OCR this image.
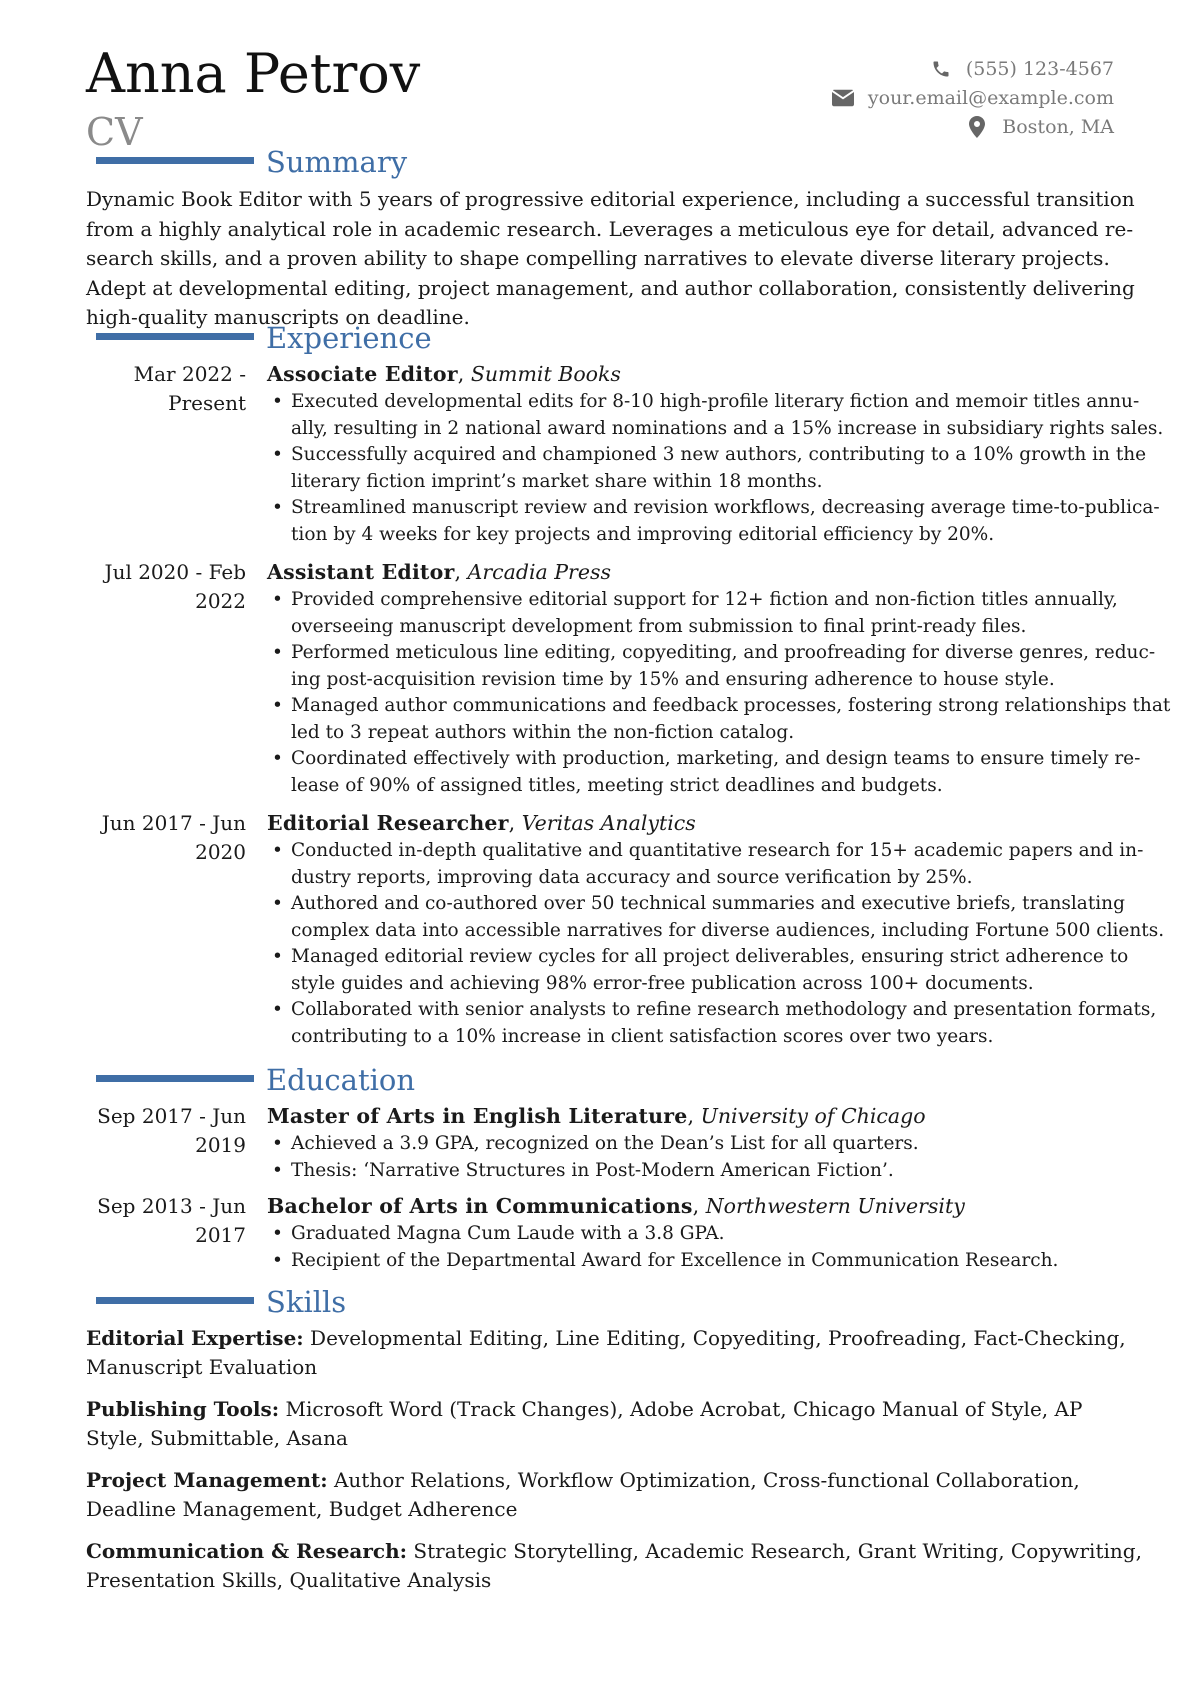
Anna Petrov
CV
(555) 123-4567
your.email@example.com
Boston, MA
Summary
Dynamic Book Editor with 5 years of progressive editorial experience, including a successful transition
from a highly analytical role in academic research. Leverages a meticulous eye for detail, advanced re-
search skills, and a proven ability to shape compelling narratives to elevate diverse literary projects.
Adept at developmental editing, project management, and author collaboration, consistently delivering
high-quality manuscripts on deadline.
Experience
Mar 2022 -
Present
Associate Editor, Summit Books
• Executed developmental edits for 8-10 high-profile literary fiction and memoir titles annu-
ally, resulting in 2 national award nominations and a 15% increase in subsidiary rights sales.
• Successfully acquired and championed 3 new authors, contributing to a 10% growth in the
literary fiction imprint’s market share within 18 months.
• Streamlined manuscript review and revision workflows, decreasing average time-to-publica-
tion by 4 weeks for key projects and improving editorial efficiency by 20%.
Jul 2020 - Feb
2022
Assistant Editor, Arcadia Press
• Provided comprehensive editorial support for 12+ fiction and non-fiction titles annually,
overseeing manuscript development from submission to final print-ready files.
• Performed meticulous line editing, copyediting, and proofreading for diverse genres, reduc-
ing post-acquisition revision time by 15% and ensuring adherence to house style.
• Managed author communications and feedback processes, fostering strong relationships that
led to 3 repeat authors within the non-fiction catalog.
• Coordinated effectively with production, marketing, and design teams to ensure timely re-
lease of 90% of assigned titles, meeting strict deadlines and budgets.
Jun 2017 - Jun
2020
Editorial Researcher, Veritas Analytics
• Conducted in-depth qualitative and quantitative research for 15+ academic papers and in-
dustry reports, improving data accuracy and source verification by 25%.
• Authored and co-authored over 50 technical summaries and executive briefs, translating
complex data into accessible narratives for diverse audiences, including Fortune 500 clients.
• Managed editorial review cycles for all project deliverables, ensuring strict adherence to
style guides and achieving 98% error-free publication across 100+ documents.
• Collaborated with senior analysts to refine research methodology and presentation formats,
contributing to a 10% increase in client satisfaction scores over two years.
Education
Sep 2017 - Jun
2019
Master of Arts in English Literature, University of Chicago
• Achieved a 3.9 GPA, recognized on the Dean’s List for all quarters.
• Thesis: ‘Narrative Structures in Post-Modern American Fiction’.
Sep 2013 - Jun
2017
Bachelor of Arts in Communications, Northwestern University
• Graduated Magna Cum Laude with a 3.8 GPA.
• Recipient of the Departmental Award for Excellence in Communication Research.
Skills
Editorial Expertise: Developmental Editing, Line Editing, Copyediting, Proofreading, Fact-Checking,
Manuscript Evaluation
Publishing Tools: Microsoft Word (Track Changes), Adobe Acrobat, Chicago Manual of Style, AP
Style, Submittable, Asana
Project Management: Author Relations, Workflow Optimization, Cross-functional Collaboration,
Deadline Management, Budget Adherence
Communication & Research: Strategic Storytelling, Academic Research, Grant Writing, Copywriting,
Presentation Skills, Qualitative Analysis
